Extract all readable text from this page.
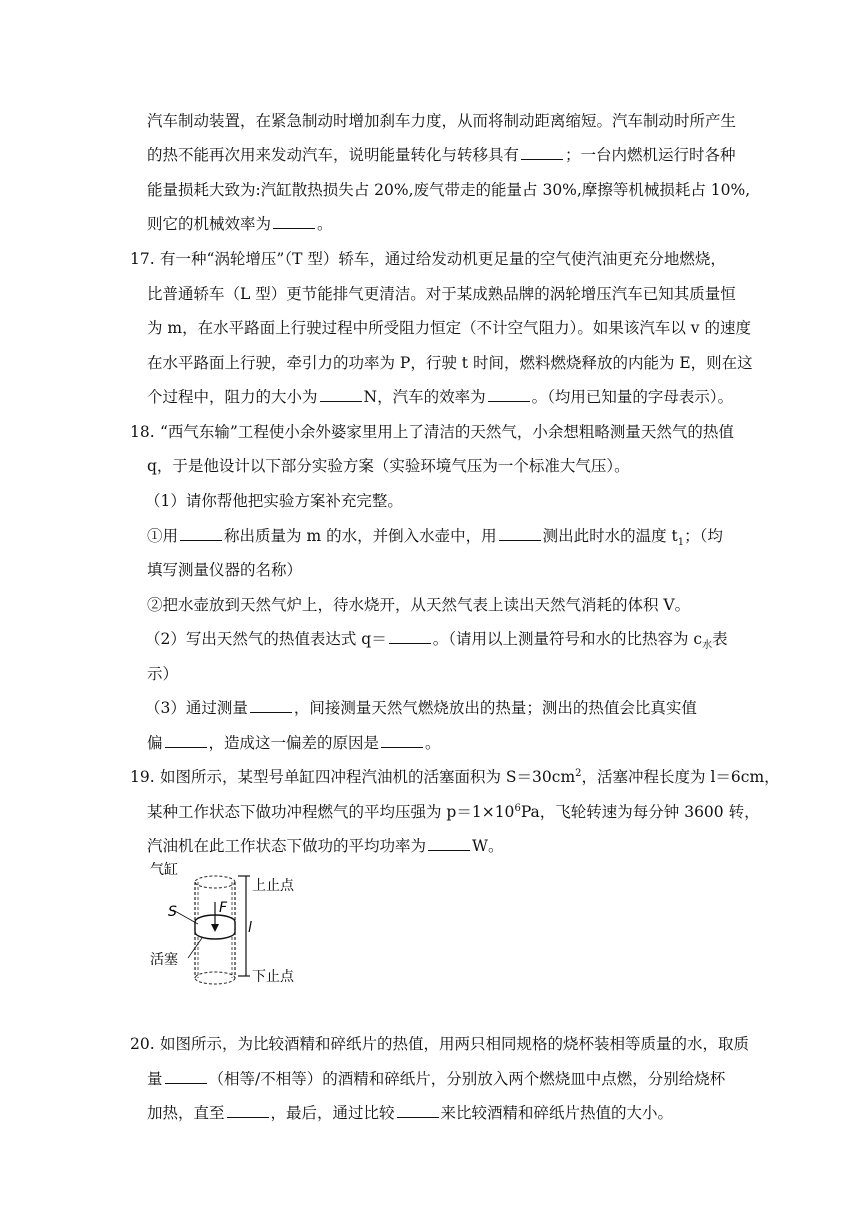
汽车制动装置，在紧急制动时增加刹车力度，从而将制动距离缩短。汽车制动时所产生
的热不能再次用来发动汽车，说明能量转化与转移具有	；一台内燃机运行时各种
能量损耗大致为:汽缸散热损失占 20%,废气带走的能量占 30%,摩擦等机械损耗占 10%,
则它的机械效率为	。
17. 有一种“涡轮增压”（T 型）轿车，通过给发动机更足量的空气使汽油更充分地燃烧，
比普通轿车（L 型）更节能排气更清洁。对于某成熟品牌的涡轮增压汽车已知其质量恒
为 m，在水平路面上行驶过程中所受阻力恒定（不计空气阻力）。如果该汽车以 v 的速度
在水平路面上行驶，牵引力的功率为 P，行驶 t 时间，燃料燃烧释放的内能为 E，则在这
个过程中，阻力的大小为	N，汽车的效率为	。（均用已知量的字母表示）。
18. “西气东输”工程使小余外婆家里用上了清洁的天然气，小余想粗略测量天然气的热值
q，于是他设计以下部分实验方案（实验环境气压为一个标准大气压）。
（1）请你帮他把实验方案补充完整。
①用	称出质量为 m 的水，并倒入水壶中，用	测出此时水的温度 $t_1$；（均
填写测量仪器的名称）
②把水壶放到天然气炉上，待水烧开，从天然气表上读出天然气消耗的体积 V。
（2）写出天然气的热值表达式 q＝	。（请用以上测量符号和水的比热容为 $c_水$表
示）
（3）通过测量	，间接测量天然气燃烧放出的热量；测出的热值会比真实值
偏	，造成这一偏差的原因是	。
19. 如图所示，某型号单缸四冲程汽油机的活塞面积为 $S=30cm^2$，活塞冲程长度为 l＝6cm，
某种工作状态下做功冲程燃气的平均压强为 $p=1\times 10^6Pa$，飞轮转速为每分钟 3600 转，
汽油机在此工作状态下做功的平均功率为	W。
气缸
S	F
活塞
上止点
l
下止点
20. 如图所示，为比较酒精和碎纸片的热值，用两只相同规格的烧杯装相等质量的水，取质
量	（相等/不相等）的酒精和碎纸片，分别放入两个燃烧皿中点燃，分别给烧杯
加热，直至	，最后，通过比较	来比较酒精和碎纸片热值的大小。
